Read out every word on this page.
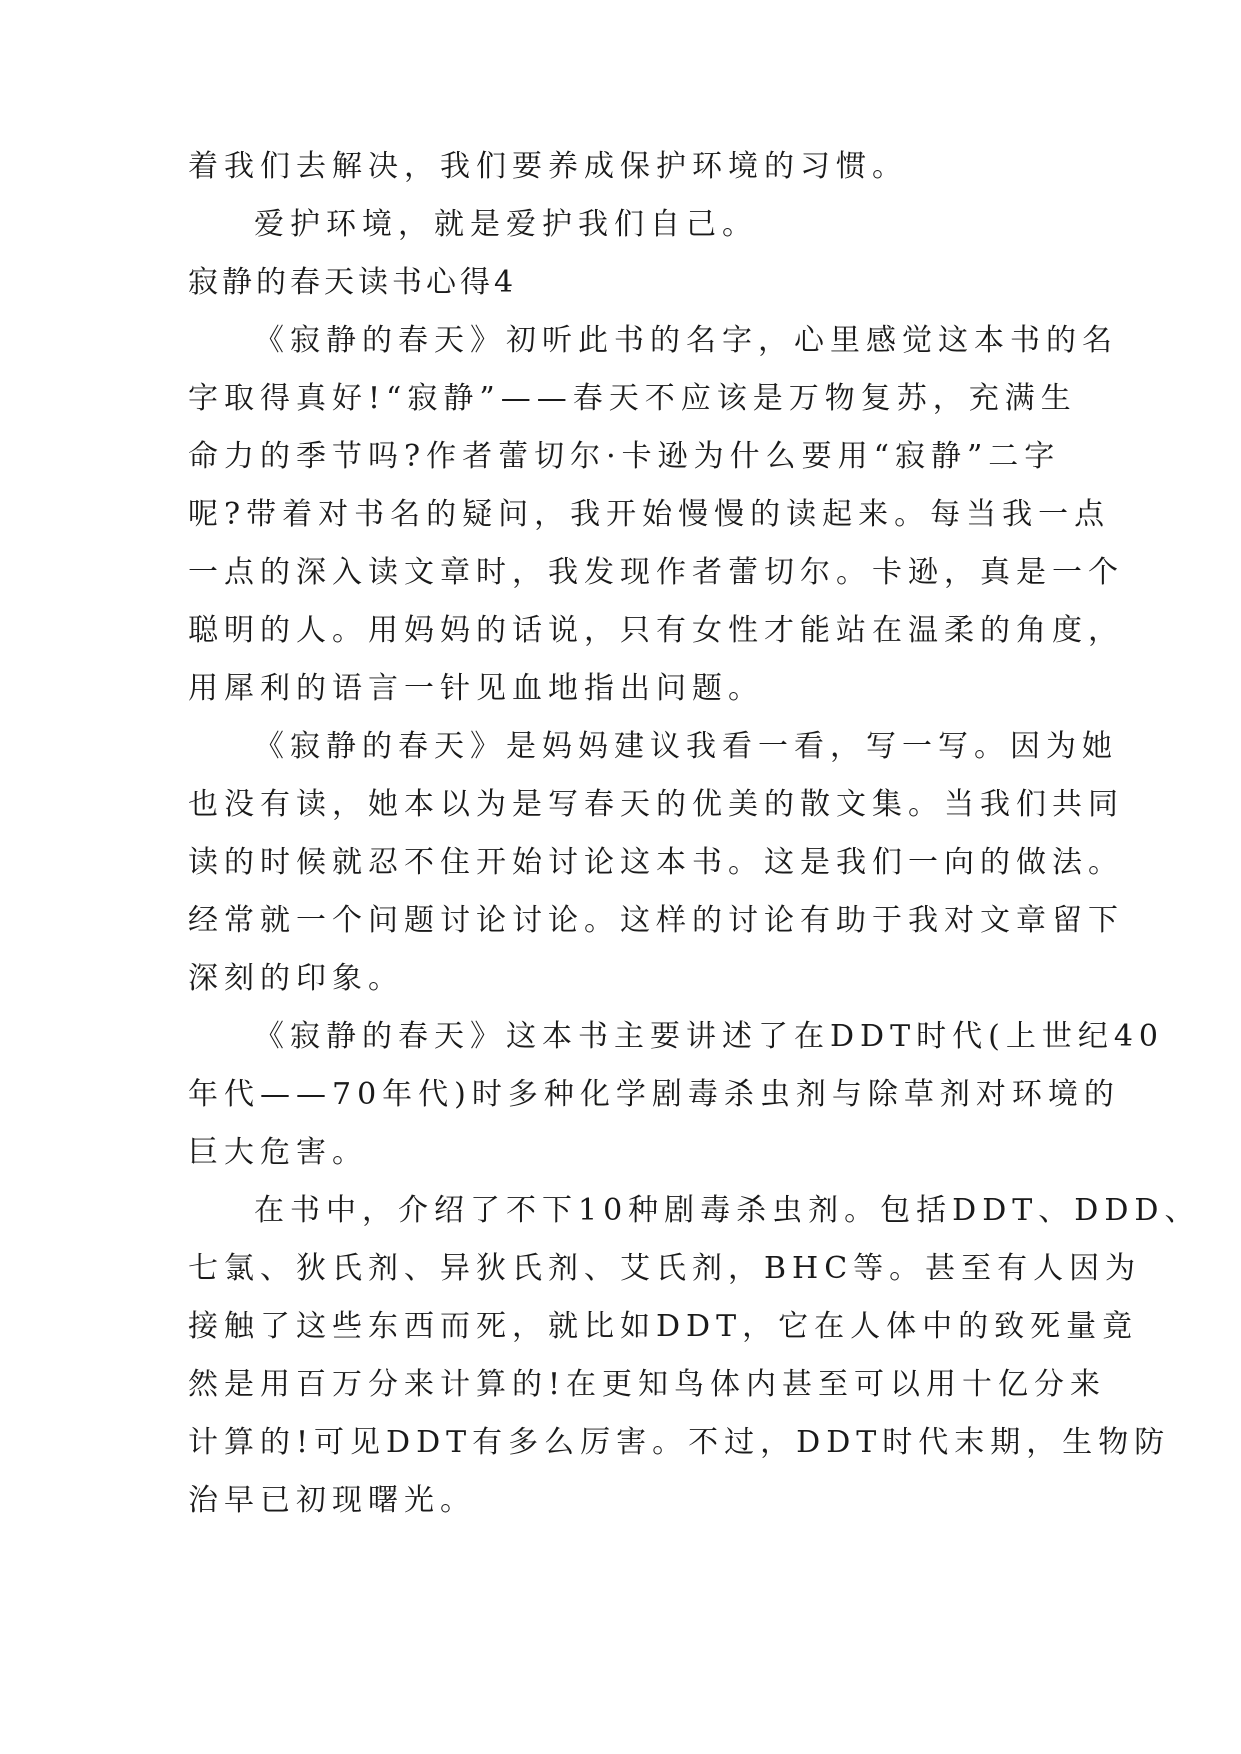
着我们去解决，我们要养成保护环境的习惯。
爱护环境，就是爱护我们自己。
寂静的春天读书心得4
《寂静的春天》初听此书的名字，心里感觉这本书的名
字取得真好!“寂静”——春天不应该是万物复苏，充满生
命力的季节吗?作者蕾切尔·卡逊为什么要用“寂静”二字
呢?带着对书名的疑问，我开始慢慢的读起来。每当我一点
一点的深入读文章时，我发现作者蕾切尔。卡逊，真是一个
聪明的人。用妈妈的话说，只有女性才能站在温柔的角度，
用犀利的语言一针见血地指出问题。
《寂静的春天》是妈妈建议我看一看，写一写。因为她
也没有读，她本以为是写春天的优美的散文集。当我们共同
读的时候就忍不住开始讨论这本书。这是我们一向的做法。
经常就一个问题讨论讨论。这样的讨论有助于我对文章留下
深刻的印象。
《寂静的春天》这本书主要讲述了在DDT时代(上世纪40
年代——70年代)时多种化学剧毒杀虫剂与除草剂对环境的
巨大危害。
在书中，介绍了不下10种剧毒杀虫剂。包括DDT、DDD、
七氯、狄氏剂、异狄氏剂、艾氏剂，BHC等。甚至有人因为
接触了这些东西而死，就比如DDT，它在人体中的致死量竟
然是用百万分来计算的!在更知鸟体内甚至可以用十亿分来
计算的!可见DDT有多么厉害。不过，DDT时代末期，生物防
治早已初现曙光。
